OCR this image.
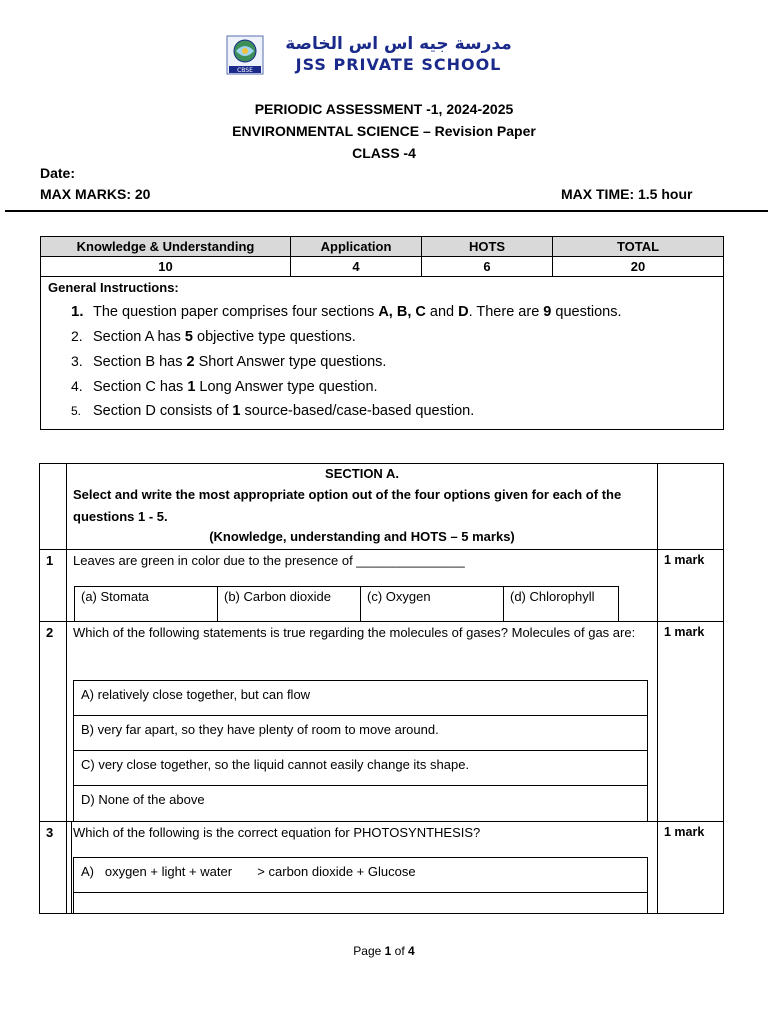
CBSE
مدرسة جيه اس اس الخاصة
JSS PRIVATE SCHOOL
PERIODIC ASSESSMENT -1, 2024-2025
ENVIRONMENTAL SCIENCE – Revision Paper
CLASS -4
Date:
MAX MARKS: 20	MAX TIME: 1.5 hour
Knowledge & Understanding	Application	HOTS	TOTAL
10	4	6	20
General Instructions:
1. The question paper comprises four sections A, B, C and D. There are 9 questions.
2. Section A has 5 objective type questions.
3. Section B has 2 Short Answer type questions.
4. Section C has 1 Long Answer type question.
5. Section D consists of 1 source-based/case-based question.
SECTION A.
Select and write the most appropriate option out of the four options given for each of the questions 1 - 5.
(Knowledge, understanding and HOTS – 5 marks)
1 Leaves are green in color due to the presence of _______________	1 mark
(a) Stomata	(b) Carbon dioxide	(c) Oxygen	(d) Chlorophyll
2 Which of the following statements is true regarding the molecules of gases? Molecules of gas are:	1 mark
A) relatively close together, but can flow
B) very far apart, so they have plenty of room to move around.
C) very close together, so the liquid cannot easily change its shape.
D) None of the above
3 Which of the following is the correct equation for PHOTOSYNTHESIS?	1 mark
A)   oxygen + light + water       > carbon dioxide + Glucose
Page 1 of 4
